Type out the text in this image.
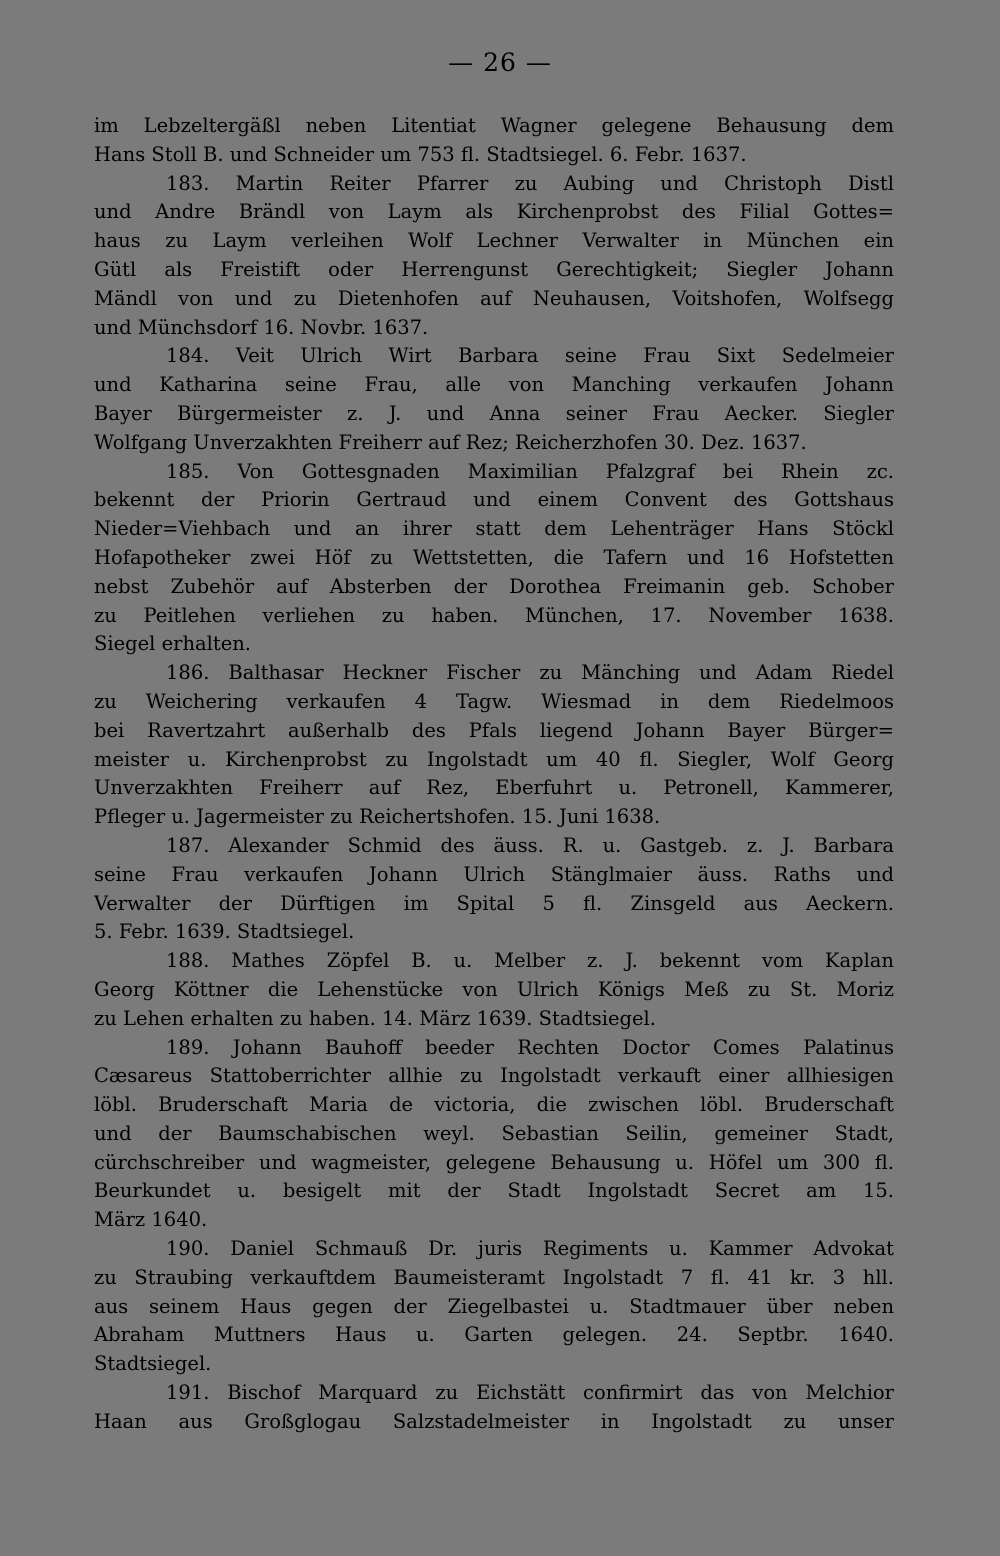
— 26 —
im Lebzeltergäßl neben Litentiat Wagner gelegene Behausung dem
Hans Stoll B. und Schneider um 753 fl. Stadtsiegel. 6. Febr. 1637.
183. Martin Reiter Pfarrer zu Aubing und Christoph Distl
und Andre Brändl von Laym als Kirchenprobst des Filial Gottes=
haus zu Laym verleihen Wolf Lechner Verwalter in München ein
Gütl als Freistift oder Herrengunst Gerechtigkeit; Siegler Johann
Mändl von und zu Dietenhofen auf Neuhausen, Voitshofen, Wolfsegg
und Münchsdorf 16. Novbr. 1637.
184. Veit Ulrich Wirt Barbara seine Frau Sixt Sedelmeier
und Katharina seine Frau, alle von Manching verkaufen Johann
Bayer Bürgermeister z. J. und Anna seiner Frau Aecker. Siegler
Wolfgang Unverzakhten Freiherr auf Rez; Reicherzhofen 30. Dez. 1637.
185. Von Gottesgnaden Maximilian Pfalzgraf bei Rhein zc.
bekennt der Priorin Gertraud und einem Convent des Gottshaus
Nieder=Viehbach und an ihrer statt dem Lehenträger Hans Stöckl
Hofapotheker zwei Höf zu Wettstetten, die Tafern und 16 Hofstetten
nebst Zubehör auf Absterben der Dorothea Freimanin geb. Schober
zu Peitlehen verliehen zu haben. München, 17. November 1638.
Siegel erhalten.
186. Balthasar Heckner Fischer zu Mänching und Adam Riedel
zu Weichering verkaufen 4 Tagw. Wiesmad in dem Riedelmoos
bei Ravertzahrt außerhalb des Pfals liegend Johann Bayer Bürger=
meister u. Kirchenprobst zu Ingolstadt um 40 fl. Siegler, Wolf Georg
Unverzakhten Freiherr auf Rez, Eberfuhrt u. Petronell, Kammerer,
Pfleger u. Jagermeister zu Reichertshofen. 15. Juni 1638.
187. Alexander Schmid des äuss. R. u. Gastgeb. z. J. Barbara
seine Frau verkaufen Johann Ulrich Stänglmaier äuss. Raths und
Verwalter der Dürftigen im Spital 5 fl. Zinsgeld aus Aeckern.
5. Febr. 1639. Stadtsiegel.
188. Mathes Zöpfel B. u. Melber z. J. bekennt vom Kaplan
Georg Köttner die Lehenstücke von Ulrich Königs Meß zu St. Moriz
zu Lehen erhalten zu haben. 14. März 1639. Stadtsiegel.
189. Johann Bauhoff beeder Rechten Doctor Comes Palatinus
Cæsareus Stattoberrichter allhie zu Ingolstadt verkauft einer allhiesigen
löbl. Bruderschaft Maria de victoria, die zwischen löbl. Bruderschaft
und der Baumschabischen weyl. Sebastian Seilin, gemeiner Stadt,
cürchschreiber und wagmeister, gelegene Behausung u. Höfel um 300 fl.
Beurkundet u. besigelt mit der Stadt Ingolstadt Secret am 15.
März 1640.
190. Daniel Schmauß Dr. juris Regiments u. Kammer Advokat
zu Straubing verkauftdem Baumeisteramt Ingolstadt 7 fl. 41 kr. 3 hll.
aus seinem Haus gegen der Ziegelbastei u. Stadtmauer über neben
Abraham Muttners Haus u. Garten gelegen. 24. Septbr. 1640.
Stadtsiegel.
191. Bischof Marquard zu Eichstätt confirmirt das von Melchior
Haan aus Großglogau Salzstadelmeister in Ingolstadt zu unser
